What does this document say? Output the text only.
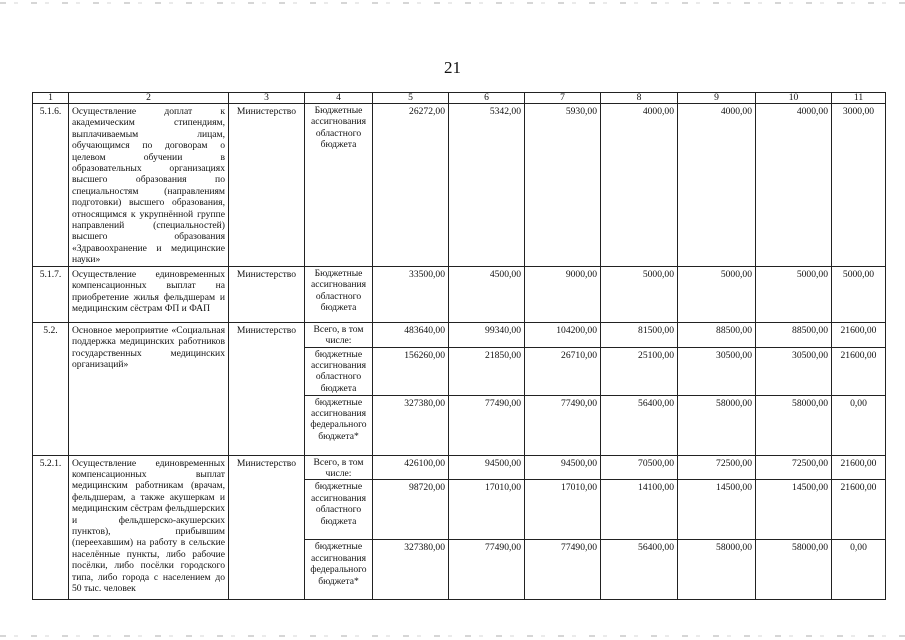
21
1	2	3	4	5	6	7	8	9	10	11
5.1.6.	Осуществление доплат к академическим стипендиям, выплачиваемым лицам, обучающимся по договорам о целевом обучении в образовательных организациях высшего образования по специальностям (направлениям подготовки) высшего образования, относящимся к укрупнённой группе направлений (специальностей) высшего образования «Здравоохранение и медицинские науки»	Министерство	Бюджетные ассигнования областного бюджета	26272,00	5342,00	5930,00	4000,00	4000,00	4000,00	3000,00
5.1.7.	Осуществление единовременных компенсационных выплат на приобретение жилья фельдшерам и медицинским сёстрам ФП и ФАП	Министерство	Бюджетные ассигнования областного бюджета	33500,00	4500,00	9000,00	5000,00	5000,00	5000,00	5000,00
5.2.	Основное мероприятие «Социальная поддержка медицинских работников государственных медицинских организаций»	Министерство	Всего, в том числе:	483640,00	99340,00	104200,00	81500,00	88500,00	88500,00	21600,00
			бюджетные ассигнования областного бюджета	156260,00	21850,00	26710,00	25100,00	30500,00	30500,00	21600,00
			бюджетные ассигнования федерального бюджета*	327380,00	77490,00	77490,00	56400,00	58000,00	58000,00	0,00
5.2.1.	Осуществление единовременных компенсационных выплат медицинским работникам (врачам, фельдшерам, а также акушеркам и медицинским сёстрам фельдшерских и фельдшерско-акушерских пунктов), прибывшим (переехавшим) на работу в сельские населённые пункты, либо рабочие посёлки, либо посёлки городского типа, либо города с населением до 50 тыс. человек	Министерство	Всего, в том числе:	426100,00	94500,00	94500,00	70500,00	72500,00	72500,00	21600,00
			бюджетные ассигнования областного бюджета	98720,00	17010,00	17010,00	14100,00	14500,00	14500,00	21600,00
			бюджетные ассигнования федерального бюджета*	327380,00	77490,00	77490,00	56400,00	58000,00	58000,00	0,00
